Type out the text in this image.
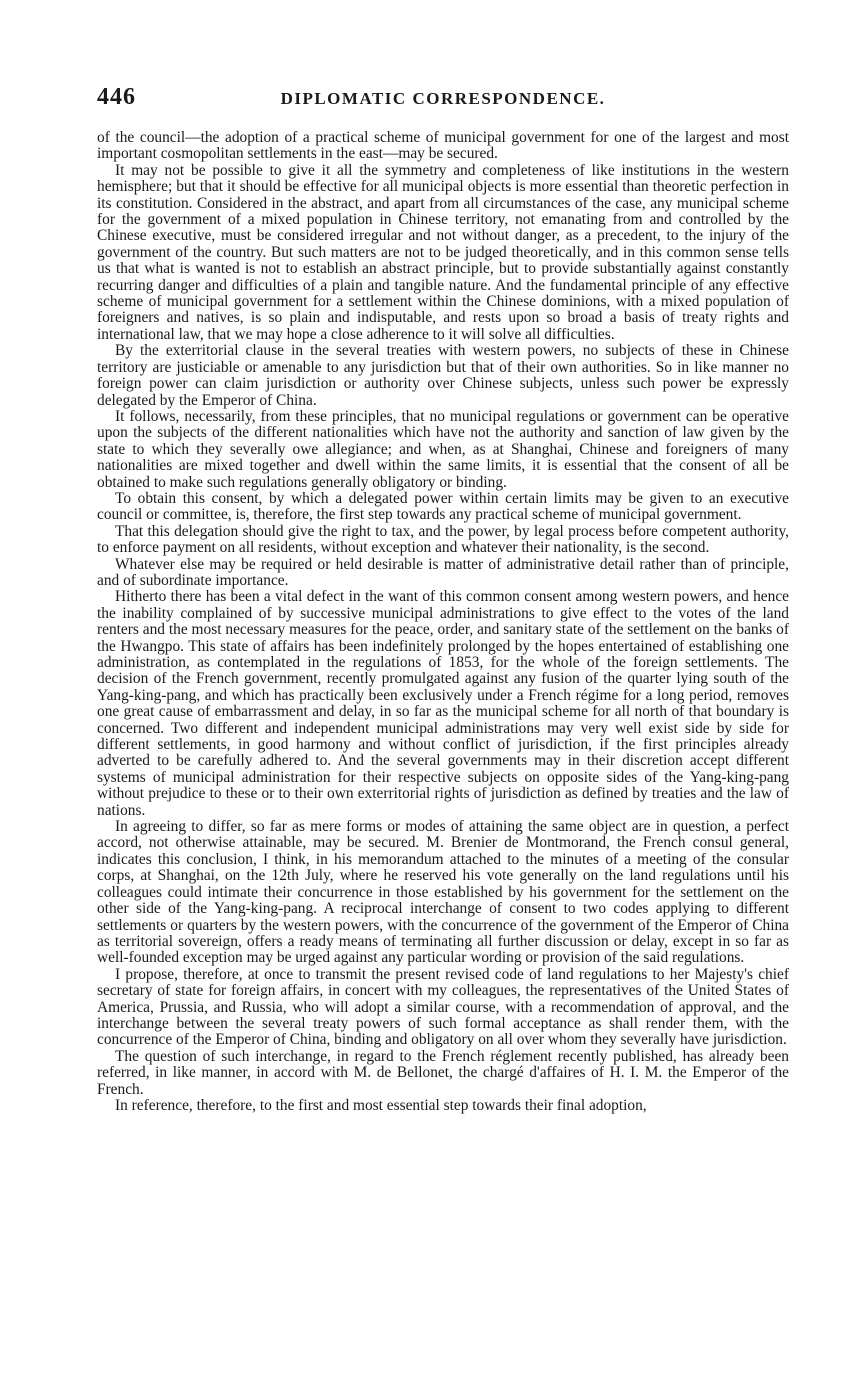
446	DIPLOMATIC CORRESPONDENCE.

of the council—the adoption of a practical scheme of municipal government for one of the largest and most important cosmopolitan settlements in the east—may be secured.

It may not be possible to give it all the symmetry and completeness of like institutions in the western hemisphere; but that it should be effective for all municipal objects is more essential than theoretic perfection in its constitution. Considered in the abstract, and apart from all circumstances of the case, any municipal scheme for the government of a mixed population in Chinese territory, not emanating from and controlled by the Chinese executive, must be considered irregular and not without danger, as a precedent, to the injury of the government of the country. But such matters are not to be judged theoretically, and in this common sense tells us that what is wanted is not to establish an abstract principle, but to provide substantially against constantly recurring danger and difficulties of a plain and tangible nature. And the fundamental principle of any effective scheme of municipal government for a settlement within the Chinese dominions, with a mixed population of foreigners and natives, is so plain and indisputable, and rests upon so broad a basis of treaty rights and international law, that we may hope a close adherence to it will solve all difficulties.

By the exterritorial clause in the several treaties with western powers, no subjects of these in Chinese territory are justiciable or amenable to any jurisdiction but that of their own authorities. So in like manner no foreign power can claim jurisdiction or authority over Chinese subjects, unless such power be expressly delegated by the Emperor of China.

It follows, necessarily, from these principles, that no municipal regulations or government can be operative upon the subjects of the different nationalities which have not the authority and sanction of law given by the state to which they severally owe allegiance; and when, as at Shanghai, Chinese and foreigners of many nationalities are mixed together and dwell within the same limits, it is essential that the consent of all be obtained to make such regulations generally obligatory or binding.

To obtain this consent, by which a delegated power within certain limits may be given to an executive council or committee, is, therefore, the first step towards any practical scheme of municipal government.

That this delegation should give the right to tax, and the power, by legal process before competent authority, to enforce payment on all residents, without exception and whatever their nationality, is the second.

Whatever else may be required or held desirable is matter of administrative detail rather than of principle, and of subordinate importance.

Hitherto there has been a vital defect in the want of this common consent among western powers, and hence the inability complained of by successive municipal administrations to give effect to the votes of the land renters and the most necessary measures for the peace, order, and sanitary state of the settlement on the banks of the Hwangpo. This state of affairs has been indefinitely prolonged by the hopes entertained of establishing one administration, as contemplated in the regulations of 1853, for the whole of the foreign settlements. The decision of the French government, recently promulgated against any fusion of the quarter lying south of the Yang-king-pang, and which has practically been exclusively under a French régime for a long period, removes one great cause of embarrassment and delay, in so far as the municipal scheme for all north of that boundary is concerned. Two different and independent municipal administrations may very well exist side by side for different settlements, in good harmony and without conflict of jurisdiction, if the first principles already adverted to be carefully adhered to. And the several governments may in their discretion accept different systems of municipal administration for their respective subjects on opposite sides of the Yang-king-pang without prejudice to these or to their own exterritorial rights of jurisdiction as defined by treaties and the law of nations.

In agreeing to differ, so far as mere forms or modes of attaining the same object are in question, a perfect accord, not otherwise attainable, may be secured. M. Brenier de Montmorand, the French consul general, indicates this conclusion, I think, in his memorandum attached to the minutes of a meeting of the consular corps, at Shanghai, on the 12th July, where he reserved his vote generally on the land regulations until his colleagues could intimate their concurrence in those established by his government for the settlement on the other side of the Yang-king-pang. A reciprocal interchange of consent to two codes applying to different settlements or quarters by the western powers, with the concurrence of the government of the Emperor of China as territorial sovereign, offers a ready means of terminating all further discussion or delay, except in so far as well-founded exception may be urged against any particular wording or provision of the said regulations.

I propose, therefore, at once to transmit the present revised code of land regulations to her Majesty's chief secretary of state for foreign affairs, in concert with my colleagues, the representatives of the United States of America, Prussia, and Russia, who will adopt a similar course, with a recommendation of approval, and the interchange between the several treaty powers of such formal acceptance as shall render them, with the concurrence of the Emperor of China, binding and obligatory on all over whom they severally have jurisdiction.

The question of such interchange, in regard to the French réglement recently published, has already been referred, in like manner, in accord with M. de Bellonet, the chargé d'affaires of H. I. M. the Emperor of the French.

In reference, therefore, to the first and most essential step towards their final adoption,
